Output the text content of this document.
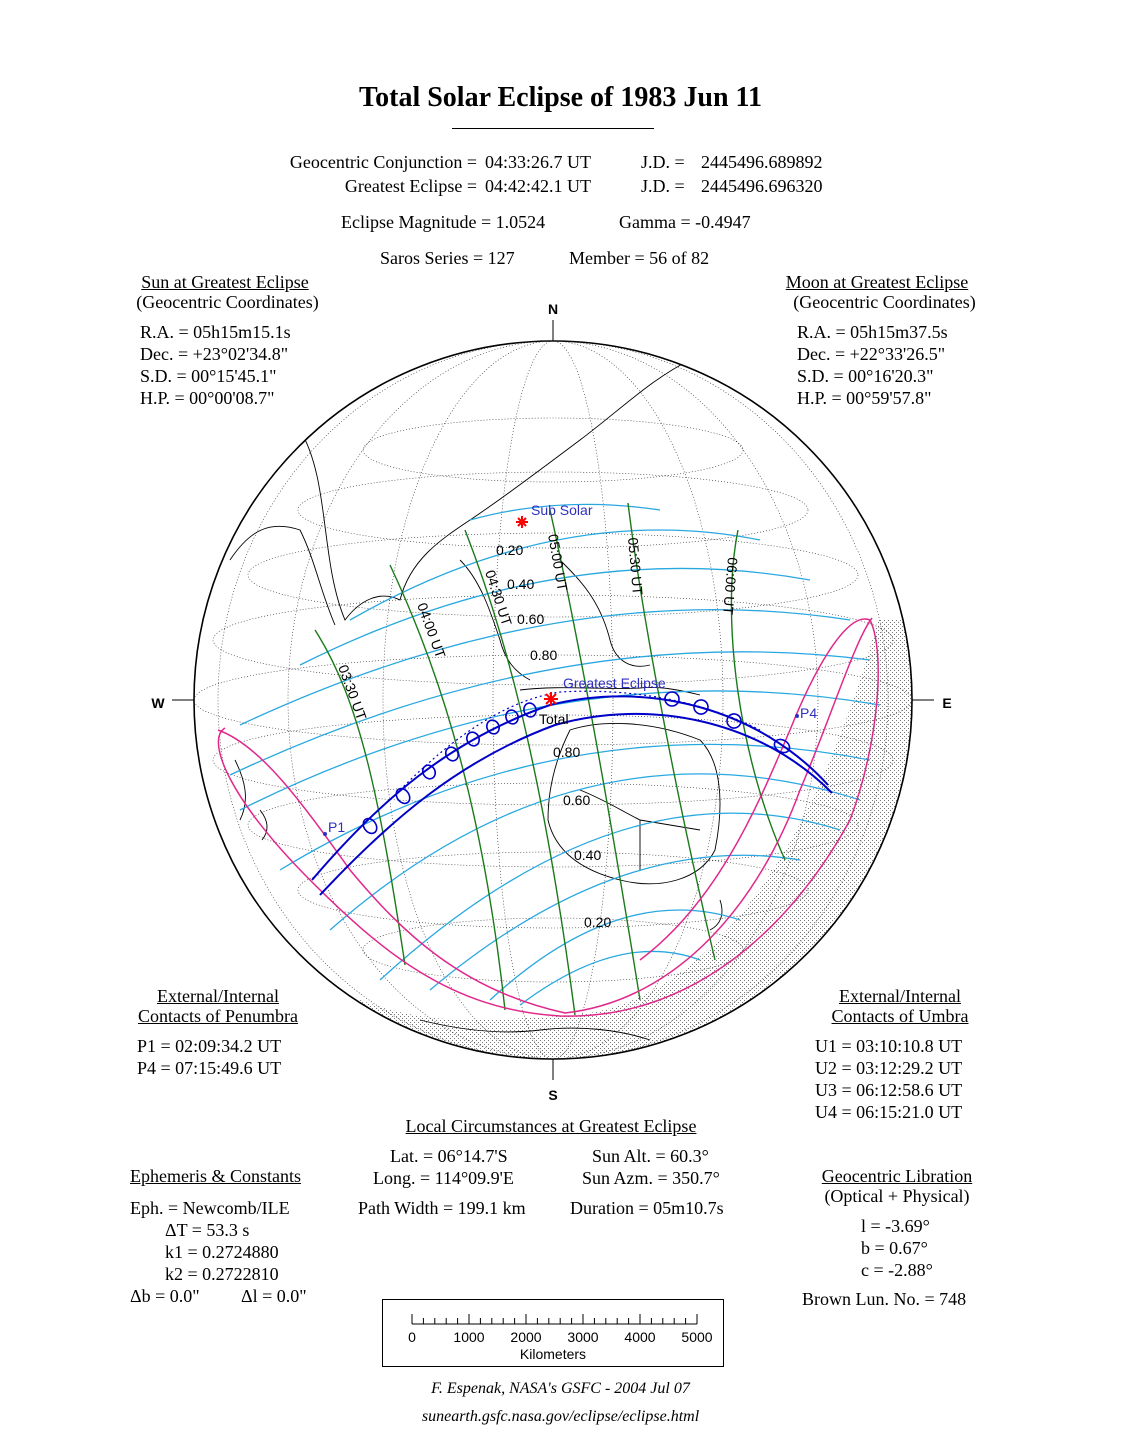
Total Solar Eclipse of 1983 Jun 11
Geocentric Conjunction = 04:33:26.7 UT	J.D. = 2445496.689892
Greatest Eclipse = 04:42:42.1 UT	J.D. = 2445496.696320
Eclipse Magnitude = 1.0524	Gamma = -0.4947
Saros Series = 127	Member = 56 of 82
Sun at Greatest Eclipse
(Geocentric Coordinates)
R.A. = 05h15m15.1s
Dec. = +23°02'34.8"
S.D. = 00°15'45.1"
H.P. = 00°00'08.7"
Moon at Greatest Eclipse
(Geocentric Coordinates)
R.A. = 05h15m37.5s
Dec. = +22°33'26.5"
S.D. = 00°16'20.3"
H.P. = 00°59'57.8"
N
S
W	E
Sub Solar
Greatest Eclipse
Total
P1
P4
0.20
0.40
0.60
0.80
0.80
0.60
0.40
0.20
03:30 UT
04:00 UT
04:30 UT
05:00 UT	05:30 UT	06:00 UT
External/Internal
Contacts of Penumbra
P1 = 02:09:34.2 UT
P4 = 07:15:49.6 UT
External/Internal
Contacts of Umbra
U1 = 03:10:10.8 UT
U2 = 03:12:29.2 UT
U3 = 06:12:58.6 UT
U4 = 06:15:21.0 UT
Local Circumstances at Greatest Eclipse
Lat. = 06°14.7'S
Long. = 114°09.9'E
Sun Alt. = 60.3°
Sun Azm. = 350.7°
Path Width = 199.1 km Duration = 05m10.7s
Ephemeris & Constants
Eph. = Newcomb/ILE
ΔT = 53.3 s
k1 = 0.2724880
k2 = 0.2722810
Δb = 0.0" Δl = 0.0"
Geocentric Libration
(Optical + Physical)
l = -3.69°
b = 0.67°
c = -2.88°
Brown Lun. No. = 748
0	1000 2000 3000 4000 5000
Kilometers
F. Espenak, NASA's GSFC - 2004 Jul 07
sunearth.gsfc.nasa.gov/eclipse/eclipse.html
